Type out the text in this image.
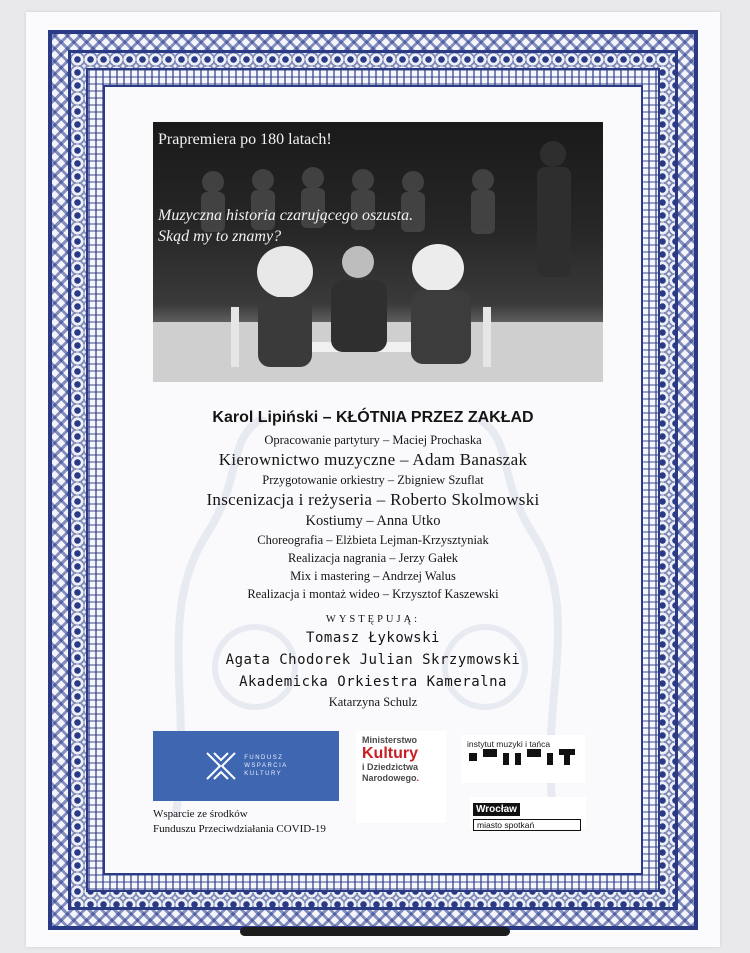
Prapremiera po 180 latach!
Muzyczna historia czarującego oszusta.
Skąd my to znamy?
Karol Lipiński – KŁÓTNIA PRZEZ ZAKŁAD
Opracowanie partytury – Maciej Prochaska
Kierownictwo muzyczne – Adam Banaszak
Przygotowanie orkiestry – Zbigniew Szuflat
Inscenizacja i reżyseria – Roberto Skolmowski
Kostiumy – Anna Utko
Choreografia – Elżbieta Lejman-Krzysztyniak
Realizacja nagrania – Jerzy Gałek
Mix i mastering – Andrzej Walus
Realizacja i montaż wideo – Krzysztof Kaszewski
WYSTĘPUJĄ:
Tomasz Łykowski
Agata Chodorek Julian Skrzymowski
Akademicka Orkiestra Kameralna
Katarzyna Schulz
FUNDUSZ
WSPARCIA
KULTURY
Ministerstwo
Kultury
i Dziedzictwa
Narodowego.
instytut muzyki i tańca
Wrocław
miasto spotkań
Wsparcie ze środków
Funduszu Przeciwdziałania COVID-19
